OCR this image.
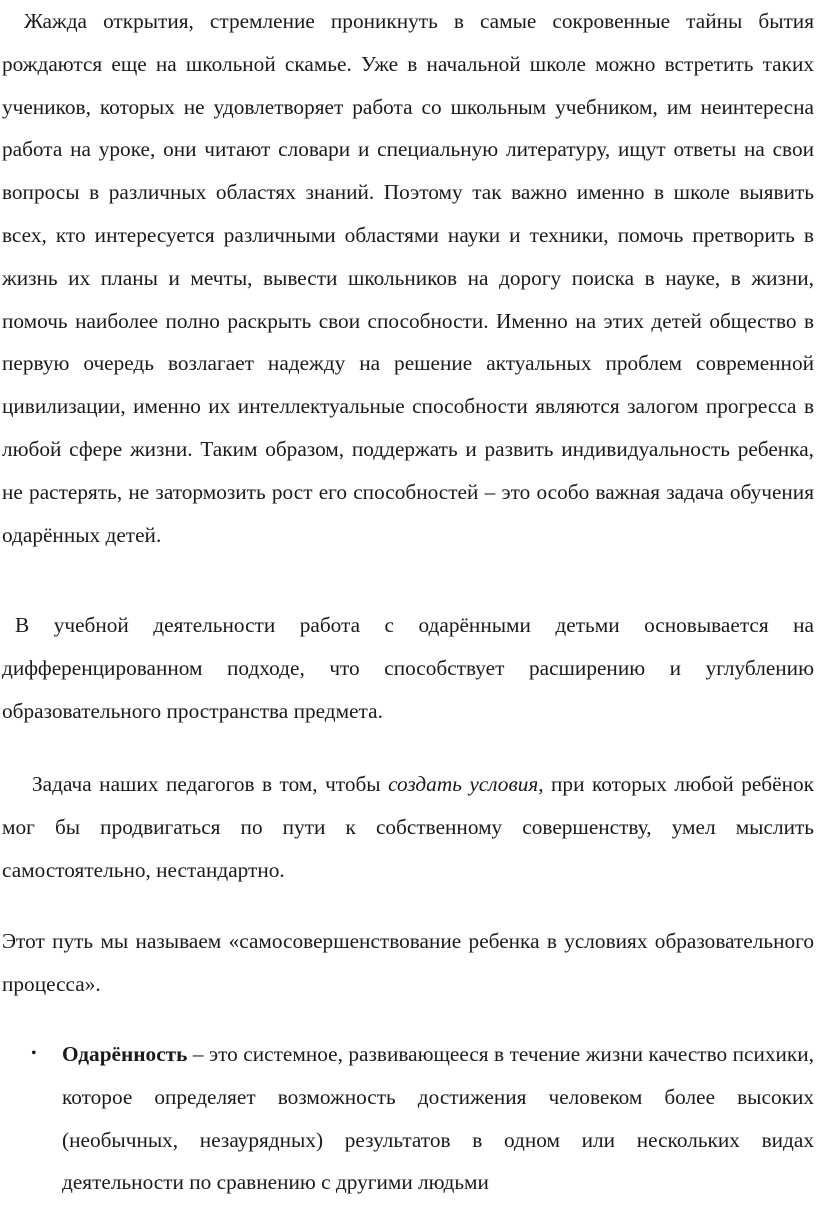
Жажда открытия, стремление проникнуть в самые сокровенные тайны бытия рождаются еще на школьной скамье. Уже в начальной школе можно встретить таких учеников, которых не удовлетворяет работа со школьным учебником, им неинтересна работа на уроке, они читают словари и специальную литературу, ищут ответы на свои вопросы в различных областях знаний. Поэтому так важно именно в школе выявить всех, кто интересуется различными областями науки и техники, помочь претворить в жизнь их планы и мечты, вывести школьников на дорогу поиска в науке, в жизни, помочь наиболее полно раскрыть свои способности. Именно на этих детей общество в первую очередь возлагает надежду на решение актуальных проблем современной цивилизации, именно их интеллектуальные способности являются залогом прогресса в любой сфере жизни. Таким образом, поддержать и развить индивидуальность ребенка, не растерять, не затормозить рост его способностей – это особо важная задача обучения одарённых детей.

В учебной деятельности работа с одарёнными детьми основывается на дифференцированном подходе, что способствует расширению и углублению образовательного пространства предмета.

Задача наших педагогов в том, чтобы создать условия, при которых любой ребёнок мог бы продвигаться по пути к собственному совершенству, умел мыслить самостоятельно, нестандартно.

Этот путь мы называем «самосовершенствование ребенка в условиях образовательного процесса».

• Одарённость – это системное, развивающееся в течение жизни качество психики, которое определяет возможность достижения человеком более высоких (необычных, незаурядных) результатов в одном или нескольких видах деятельности по сравнению с другими людьми
